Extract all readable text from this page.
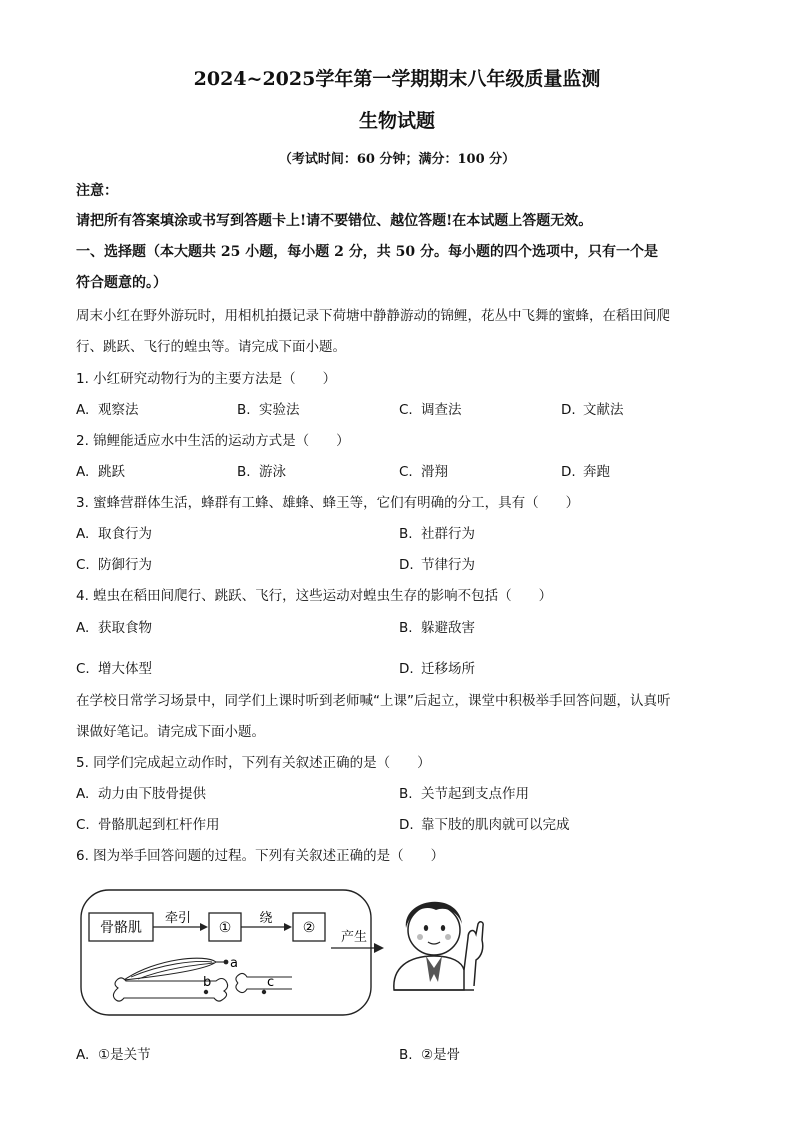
2024~2025学年第一学期期末八年级质量监测
生物试题
（考试时间：60 分钟；满分：100 分）
注意：
请把所有答案填涂或书写到答题卡上!请不要错位、越位答题!在本试题上答题无效。
一、选择题（本大题共 25 小题，每小题 2 分，共 50 分。每小题的四个选项中，只有一个是
符合题意的。）
周末小红在野外游玩时，用相机拍摄记录下荷塘中静静游动的锦鲤，花丛中飞舞的蜜蜂，在稻田间爬
行、跳跃、飞行的蝗虫等。请完成下面小题。
1. 小红研究动物行为的主要方法是（　　）
A. 观察法	B. 实验法	C. 调查法	D. 文献法
2. 锦鲤能适应水中生活的运动方式是（　　）
A. 跳跃	B. 游泳	C. 滑翔	D. 奔跑
3. 蜜蜂营群体生活，蜂群有工蜂、雄蜂、蜂王等，它们有明确的分工，具有（　　）
A. 取食行为	B. 社群行为
C. 防御行为	D. 节律行为
4. 蝗虫在稻田间爬行、跳跃、飞行，这些运动对蝗虫生存的影响不包括（　　）
A. 获取食物	B. 躲避敌害
C. 增大体型	D. 迁移场所
在学校日常学习场景中，同学们上课时听到老师喊“上课”后起立，课堂中积极举手回答问题，认真听
课做好笔记。请完成下面小题。
5. 同学们完成起立动作时，下列有关叙述正确的是（　　）
A. 动力由下肢骨提供	B. 关节起到支点作用
C. 骨骼肌起到杠杆作用	D. 靠下肢的肌肉就可以完成
6. 图为举手回答问题的过程。下列有关叙述正确的是（　　）
骨骼肌
牵引
①
绕
②
a
b	c
产生
A. ①是关节	B. ②是骨
